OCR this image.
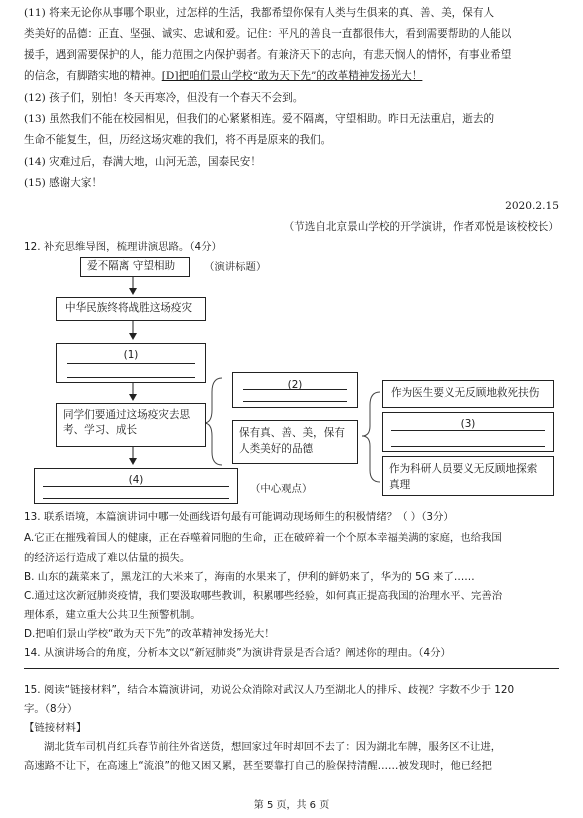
(11) 将来无论你从事哪个职业，过怎样的生活，我都希望你保有人类与生俱来的真、善、美，保有人
类美好的品德：正直、坚强、诚实、忠诚和爱。记住：平凡的善良一直都很伟大，看到需要帮助的人能以
援手，遇到需要保护的人，能力范围之内保护弱者。有兼济天下的志向，有悲天悯人的情怀，有事业希望
的信念，有脚踏实地的精神。[D]把咱们景山学校“敢为天下先”的改革精神发扬光大！
(12) 孩子们，别怕！冬天再寒冷，但没有一个春天不会到。
(13) 虽然我们不能在校园相见，但我们的心紧紧相连。爱不隔离，守望相助。昨日无法重启，逝去的
生命不能复生，但，历经这场灾难的我们，将不再是原来的我们。
(14) 灾难过后，春满大地，山河无恙，国泰民安！
(15) 感谢大家！
2020.2.15
（节选自北京景山学校的开学演讲，作者邓悦是该校校长）
12. 补充思维导图，梳理讲演思路。（4分）
爱不隔离 守望相助	（演讲标题）
中华民族终将战胜这场疫灾
(1)
同学们要通过这场疫灾去思考、学习、成长
(2)
保有真、善、美，保有人类美好的品德
作为医生要义无反顾地救死扶伤
(3)
作为科研人员要义无反顾地探索真理
(4)
（中心观点）
13. 联系语境，本篇演讲词中哪一处画线语句最有可能调动现场师生的积极情绪？（ ）（3分）
A.它正在摧残着国人的健康，正在吞噬着同胞的生命，正在破碎着一个个原本幸福美满的家庭，也给我国
的经济运行造成了难以估量的损失。
B. 山东的蔬菜来了，黑龙江的大米来了，海南的水果来了，伊利的鲜奶来了，华为的 5G 来了……
C.通过这次新冠肺炎疫情，我们要汲取哪些教训，积累哪些经验，如何真正提高我国的治理水平、完善治
理体系，建立重大公共卫生预警机制。
D.把咱们景山学校“敢为天下先”的改革精神发扬光大！
14. 从演讲场合的角度，分析本文以“新冠肺炎”为演讲背景是否合适？阐述你的理由。（4分）
15. 阅读“链接材料”，结合本篇演讲词，劝说公众消除对武汉人乃至湖北人的排斥、歧视？字数不少于 120
字。（8分）
【链接材料】
湖北货车司机肖红兵春节前往外省送货，想回家过年时却回不去了：因为湖北车牌，服务区不让进，
高速路不让下，在高速上“流浪”的他又困又累，甚至要靠打自己的脸保持清醒……被发现时，他已经把
第 5 页，共 6 页
